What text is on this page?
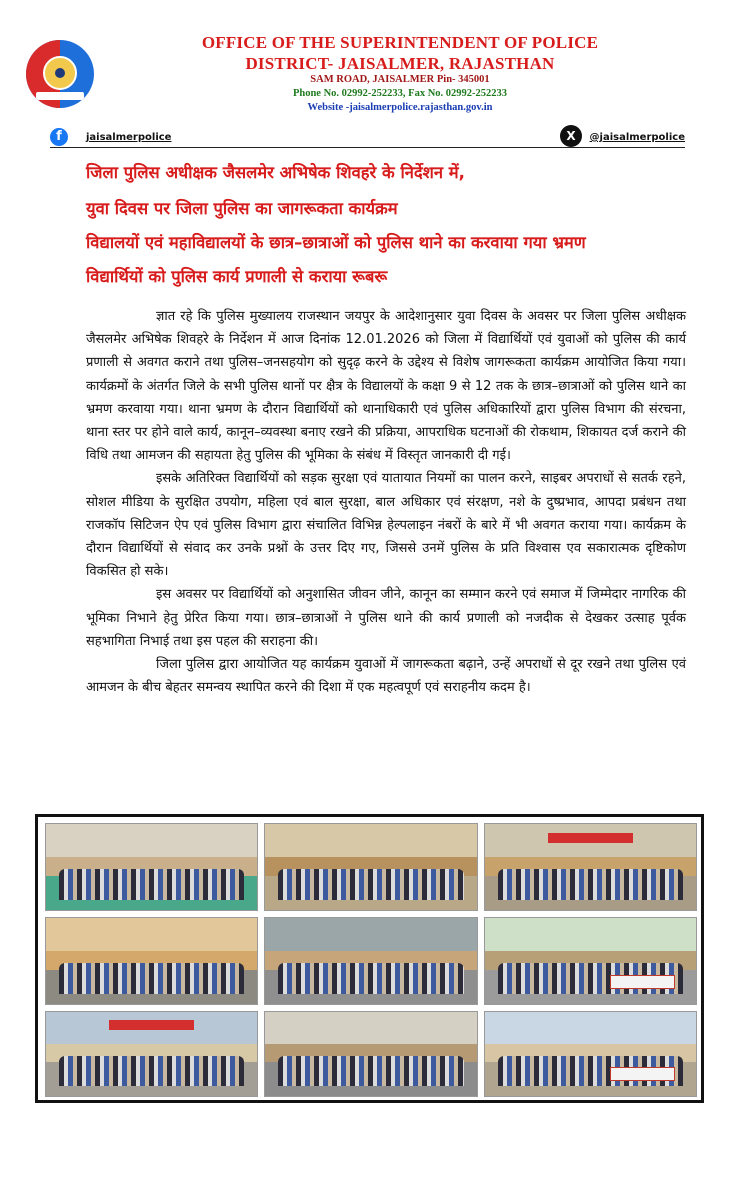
OFFICE OF THE SUPERINTENDENT OF POLICE
DISTRICT- JAISALMER, RAJASTHAN
SAM ROAD, JAISALMER Pin- 345001
Phone No. 02992-252233, Fax No. 02992-252233
Website -jaisalmerpolice.rajasthan.gov.in
f	jaisalmerpolice	X	@jaisalmerpolice
जिला पुलिस अधीक्षक जैसलमेर अभिषेक शिवहरे के निर्देशन में,
युवा दिवस पर जिला पुलिस का जागरूकता कार्यक्रम
विद्यालयों एवं महाविद्यालयों के छात्र–छात्राओं को पुलिस थाने का करवाया गया भ्रमण
विद्यार्थियों को पुलिस कार्य प्रणाली से कराया रूबरू

ज्ञात रहे कि पुलिस मुख्यालय राजस्थान जयपुर के आदेशानुसार युवा दिवस के अवसर पर जिला पुलिस अधीक्षक जैसलमेर अभिषेक शिवहरे के निर्देशन में आज दिनांक 12.01.2026 को जिला में विद्यार्थियों एवं युवाओं को पुलिस की कार्य प्रणाली से अवगत कराने तथा पुलिस–जनसहयोग को सुदृढ़ करने के उद्देश्य से विशेष जागरूकता कार्यक्रम आयोजित किया गया। कार्यक्रमों के अंतर्गत जिले के सभी पुलिस थानों पर क्षैत्र के विद्यालयों के कक्षा 9 से 12 तक के छात्र–छात्राओं को पुलिस थाने का भ्रमण करवाया गया। थाना भ्रमण के दौरान विद्यार्थियों को थानाधिकारी एवं पुलिस अधिकारियों द्वारा पुलिस विभाग की संरचना, थाना स्तर पर होने वाले कार्य, कानून–व्यवस्था बनाए रखने की प्रक्रिया, आपराधिक घटनाओं की रोकथाम, शिकायत दर्ज कराने की विधि तथा आमजन की सहायता हेतु पुलिस की भूमिका के संबंध में विस्तृत जानकारी दी गई।

इसके अतिरिक्त विद्यार्थियों को सड़क सुरक्षा एवं यातायात नियमों का पालन करने, साइबर अपराधों से सतर्क रहने, सोशल मीडिया के सुरक्षित उपयोग, महिला एवं बाल सुरक्षा, बाल अधिकार एवं संरक्षण, नशे के दुष्प्रभाव, आपदा प्रबंधन तथा राजकॉप सिटिजन ऐप एवं पुलिस विभाग द्वारा संचालित विभिन्न हेल्पलाइन नंबरों के बारे में भी अवगत कराया गया। कार्यक्रम के दौरान विद्यार्थियों से संवाद कर उनके प्रश्नों के उत्तर दिए गए, जिससे उनमें पुलिस के प्रति विश्वास एव सकारात्मक दृष्टिकोण विकसित हो सके।

इस अवसर पर विद्यार्थियों को अनुशासित जीवन जीने, कानून का सम्मान करने एवं समाज में जिम्मेदार नागरिक की भूमिका निभाने हेतु प्रेरित किया गया। छात्र–छात्राओं ने पुलिस थाने की कार्य प्रणाली को नजदीक से देखकर उत्साह पूर्वक सहभागिता निभाई तथा इस पहल की सराहना की।

जिला पुलिस द्वारा आयोजित यह कार्यक्रम युवाओं में जागरूकता बढ़ाने, उन्हें अपराधों से दूर रखने तथा पुलिस एवं आमजन के बीच बेहतर समन्वय स्थापित करने की दिशा में एक महत्वपूर्ण एवं सराहनीय कदम है।
